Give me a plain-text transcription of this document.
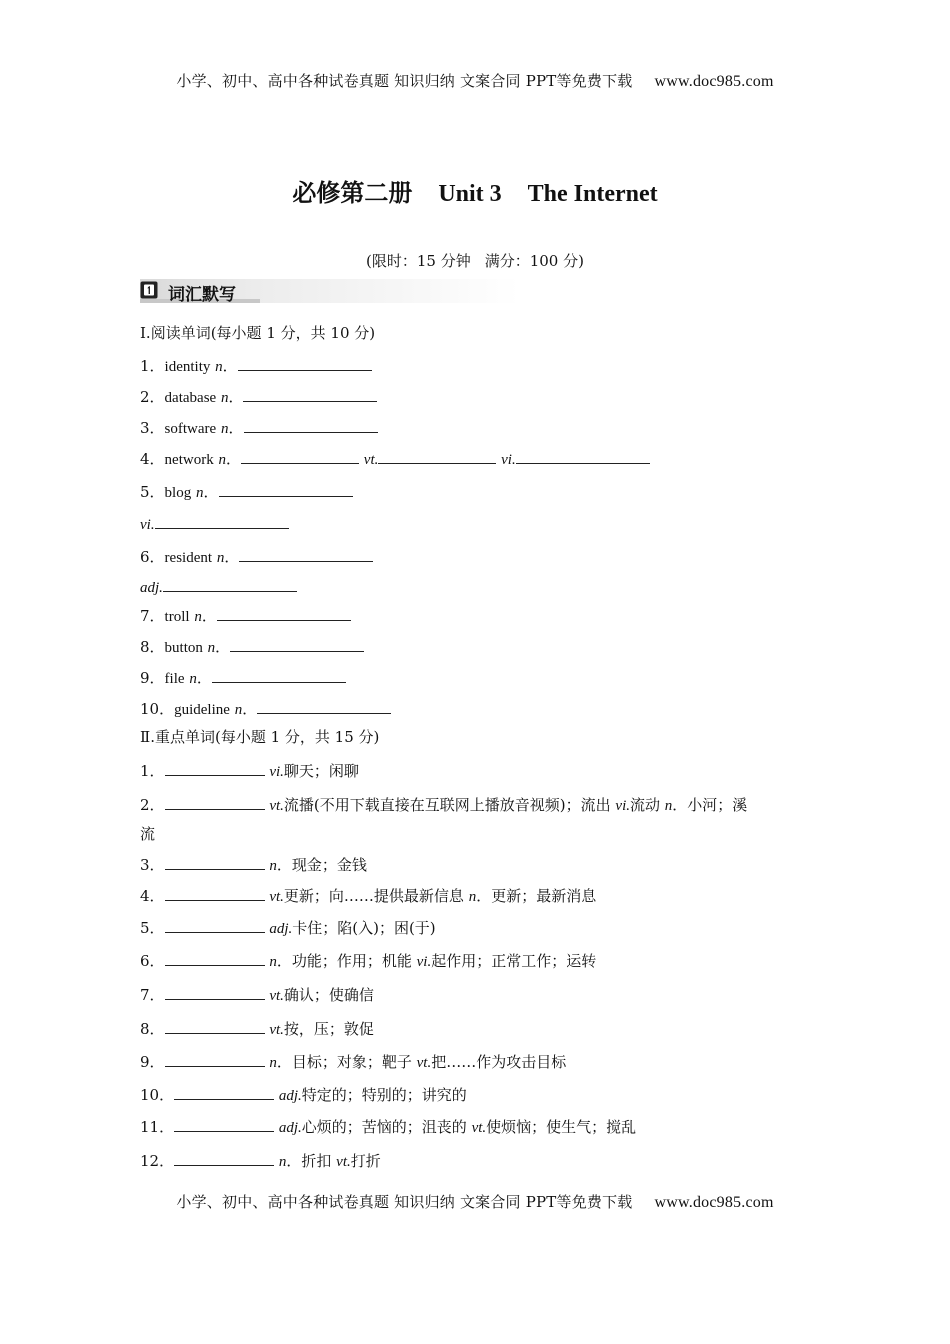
小学、初中、高中各种试卷真题 知识归纳 文案合同 PPT等免费下载 www.doc985.com
必修第二册 Unit 3 The Internet
(限时：15 分钟 满分：100 分)
词汇默写
Ⅰ.阅读单词(每小题 1 分，共 10 分)
1．identity n．
2．database n．
3．software n．
4．network n．	vt.	vi.
5．blog n．
vi.
6．resident n．
adj.
7．troll n．
8．button n．
9．file n．
10．guideline n．
Ⅱ.重点单词(每小题 1 分，共 15 分)
1．	vi.聊天；闲聊
2．	vt.流播(不用下载直接在互联网上播放音视频)；流出 vi.流动 n．小河；溪
流
3．	n．现金；金钱
4．	vt.更新；向……提供最新信息 n．更新；最新消息
5．	adj.卡住；陷(入)；困(于)
6．	n．功能；作用；机能 vi.起作用；正常工作；运转
7．	vt.确认；使确信
8．	vt.按，压；敦促
9．	n．目标；对象；靶子 vt.把……作为攻击目标
10．	adj.特定的；特别的；讲究的
11．	adj.心烦的；苦恼的；沮丧的 vt.使烦恼；使生气；搅乱
12．	n．折扣 vt.打折
小学、初中、高中各种试卷真题 知识归纳 文案合同 PPT等免费下载 www.doc985.com
